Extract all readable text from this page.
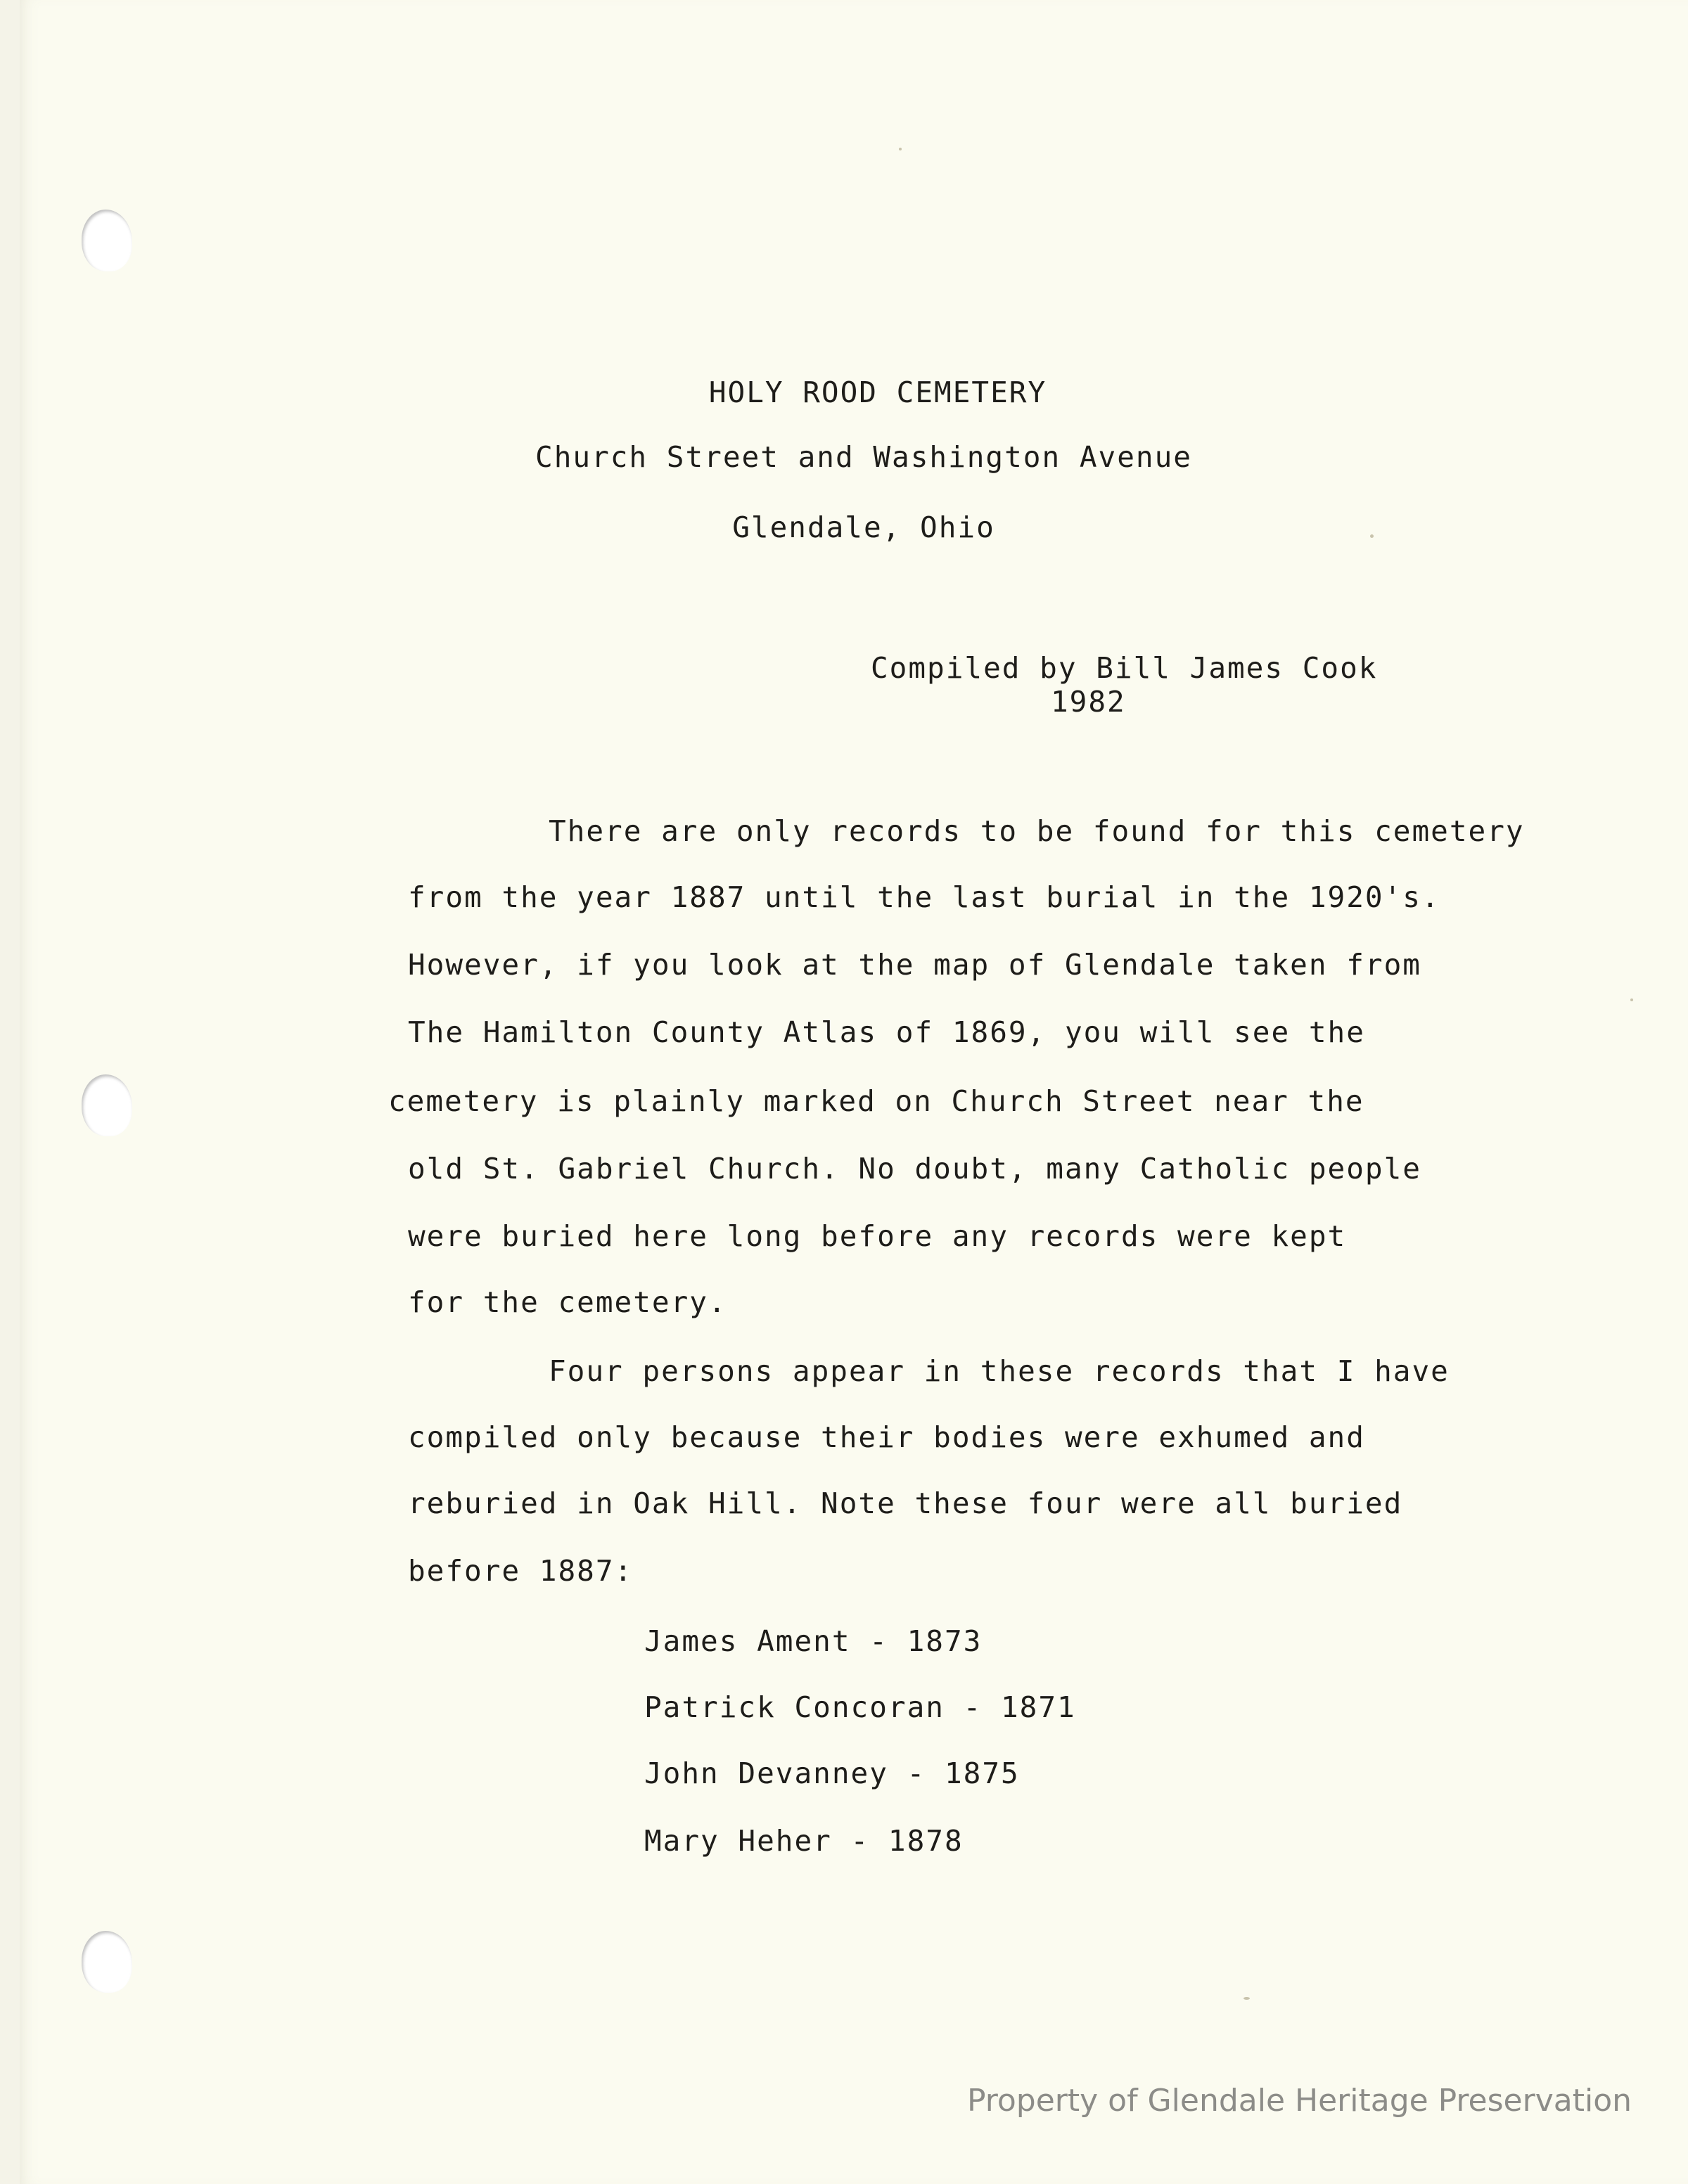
HOLY ROOD CEMETERY
Church Street and Washington Avenue
Glendale, Ohio
Compiled by Bill James Cook
1982
There are only records to be found for this cemetery
from the year 1887 until the last burial in the 1920's.
However, if you look at the map of Glendale taken from
The Hamilton County Atlas of 1869, you will see the
cemetery is plainly marked on Church Street near the
old St. Gabriel Church. No doubt, many Catholic people
were buried here long before any records were kept
for the cemetery.
Four persons appear in these records that I have
compiled only because their bodies were exhumed and
reburied in Oak Hill. Note these four were all buried
before 1887:
James Ament - 1873
Patrick Concoran - 1871
John Devanney - 1875
Mary Heher - 1878
Property of Glendale Heritage Preservation
